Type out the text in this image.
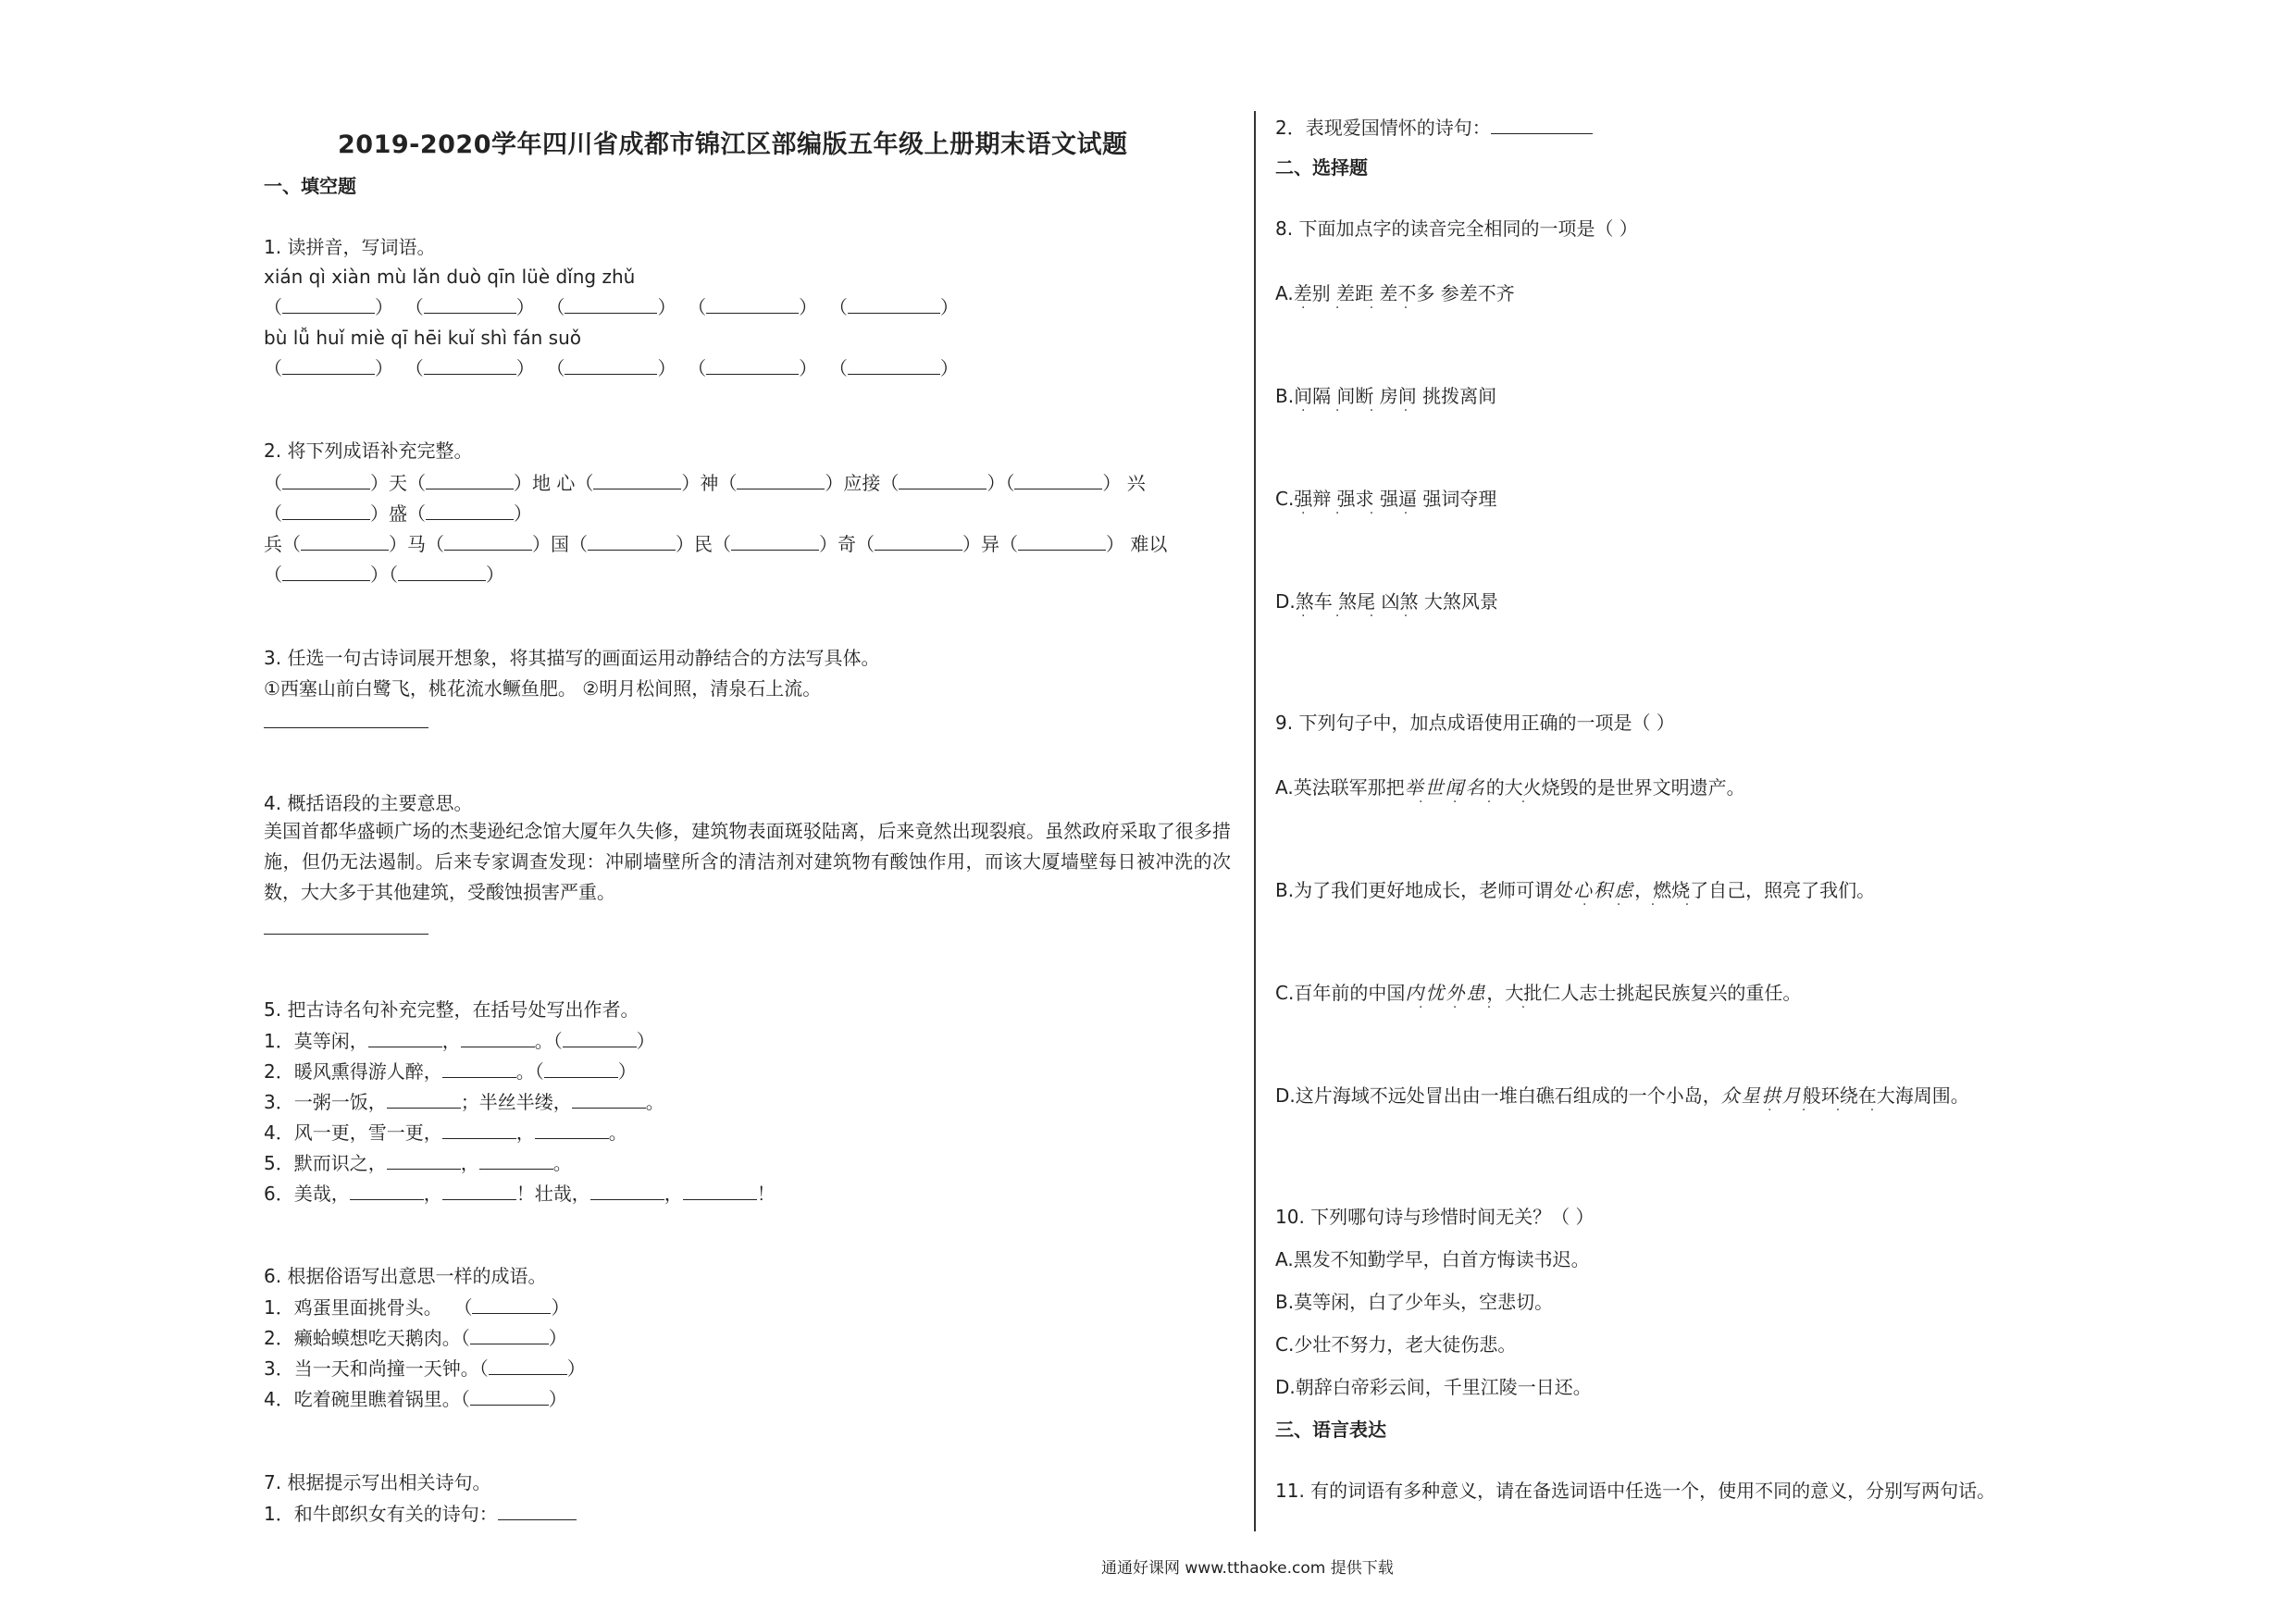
2019-2020学年四川省成都市锦江区部编版五年级上册期末语文试题
一、填空题
1. 读拼音，写词语。
xián qì xiàn mù lǎn duò qīn lüè dǐng zhǔ
（	）  （	）  （	）  （	）  （	）
bù lǚ huǐ miè qī hēi kuǐ shì fán suǒ
（	）  （	）  （	）  （	）  （	）
2. 将下列成语补充完整。
（	）天（	）地 心（	）神（	）应接（	）（	） 兴
（	）盛（	）
兵（	）马（	）国（	）民（	）奇（	）异（	） 难以
（	）（	）
3. 任选一句古诗词展开想象，将其描写的画面运用动静结合的方法写具体。
①西塞山前白鹭飞，桃花流水鳜鱼肥。 ②明月松间照，清泉石上流。
4. 概括语段的主要意思。
美国首都华盛顿广场的杰斐逊纪念馆大厦年久失修，建筑物表面斑驳陆离，后来竟然出现裂痕。虽然政府采取了很多措施，但仍无法遏制。后来专家调查发现：冲刷墙壁所含的清洁剂对建筑物有酸蚀作用，而该大厦墙壁每日被冲洗的次数，大大多于其他建筑，受酸蚀损害严重。
5. 把古诗名句补充完整，在括号处写出作者。
1．莫等闲，	，	。（	）
2．暖风熏得游人醉，	。（	）
3．一粥一饭，	；半丝半缕，	。
4．风一更，雪一更，	，	。
5．默而识之，	，	。
6．美哉，	，	！壮哉，	，	！
6. 根据俗语写出意思一样的成语。
1．鸡蛋里面挑骨头。  （	）
2．癞蛤蟆想吃天鹅肉。（	）
3．当一天和尚撞一天钟。（	）
4．吃着碗里瞧着锅里。（	）
7. 根据提示写出相关诗句。
1．和牛郎织女有关的诗句：
2．表现爱国情怀的诗句：
二、选择题
8. 下面加点字的读音完全相同的一项是（ ）
A.差别 差距 差不多 参差不齐
· · · ·
B.间隔 间断 房间 挑拨离间
· · · ·
C.强辩 强求 强逼 强词夺理
· · · ·
D.煞车 煞尾 凶煞 大煞风景
· · · ·
9. 下列句子中，加点成语使用正确的一项是（ ）
A.英法联军那把举世闻名的大火烧毁的是世界文明遗产。
· · · ·
B.为了我们更好地成长，老师可谓处心积虑，燃烧了自己，照亮了我们。
· · · ·
C.百年前的中国内忧外患，大批仁人志士挑起民族复兴的重任。
· · · ·
D.这片海域不远处冒出由一堆白礁石组成的一个小岛，众星拱月般环绕在大海周围。
· · · ·
10. 下列哪句诗与珍惜时间无关？（ ）
A.黑发不知勤学早，白首方悔读书迟。
B.莫等闲，白了少年头，空悲切。
C.少壮不努力，老大徒伤悲。
D.朝辞白帝彩云间，千里江陵一日还。
三、语言表达
11. 有的词语有多种意义，请在备选词语中任选一个，使用不同的意义，分别写两句话。
通通好课网 www.tthaoke.com 提供下载
